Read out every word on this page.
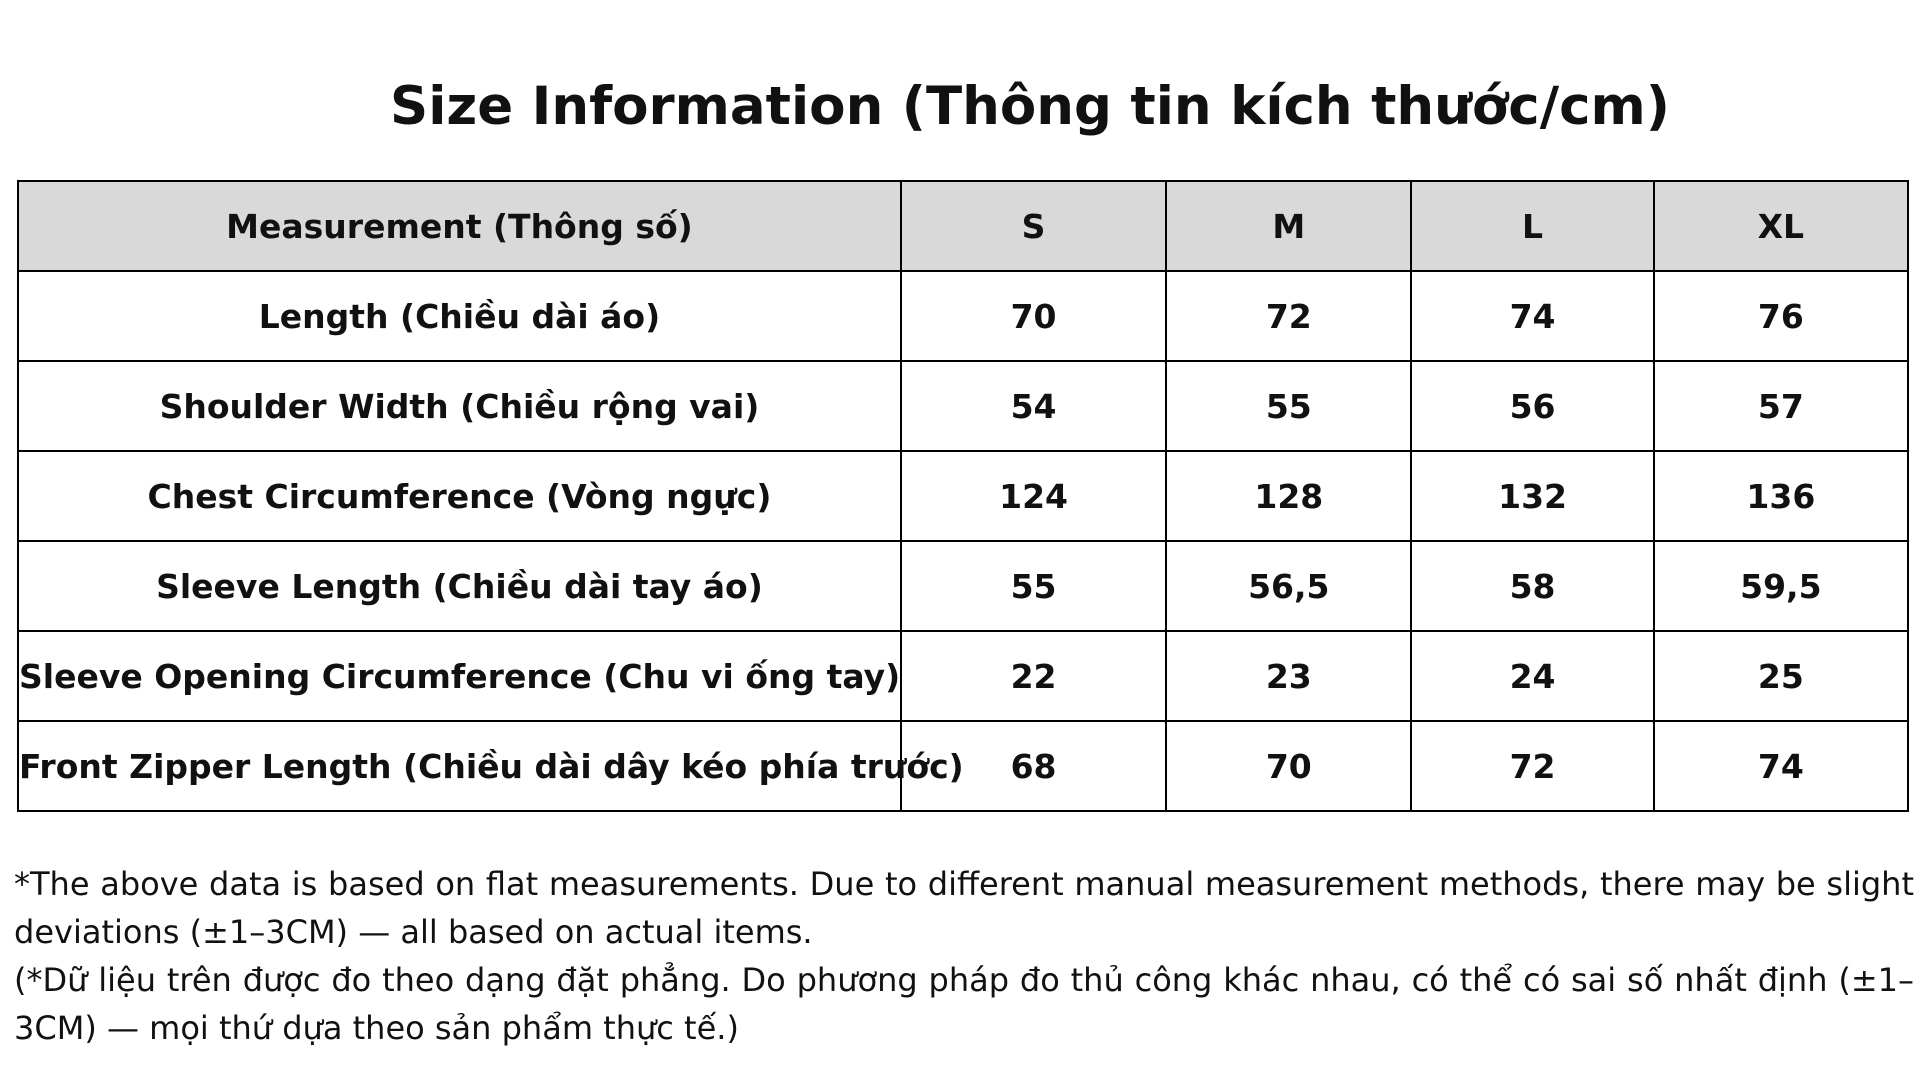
Size Information (Thông tin kích thước/cm)
Measurement (Thông số)	S	M	L	XL
Length (Chiều dài áo)	70	72	74	76
Shoulder Width (Chiều rộng vai)	54	55	56	57
Chest Circumference (Vòng ngực)	124	128	132	136
Sleeve Length (Chiều dài tay áo)	55	56,5	58	59,5
Sleeve Opening Circumference (Chu vi ống tay)	22	23	24	25
Front Zipper Length (Chiều dài dây kéo phía trước)	68	70	72	74

*The above data is based on flat measurements. Due to different manual measurement methods, there may be slight deviations (±1–3CM) — all based on actual items.

(*Dữ liệu trên được đo theo dạng đặt phẳng. Do phương pháp đo thủ công khác nhau, có thể có sai số nhất định (±1–3CM) — mọi thứ dựa theo sản phẩm thực tế.)
